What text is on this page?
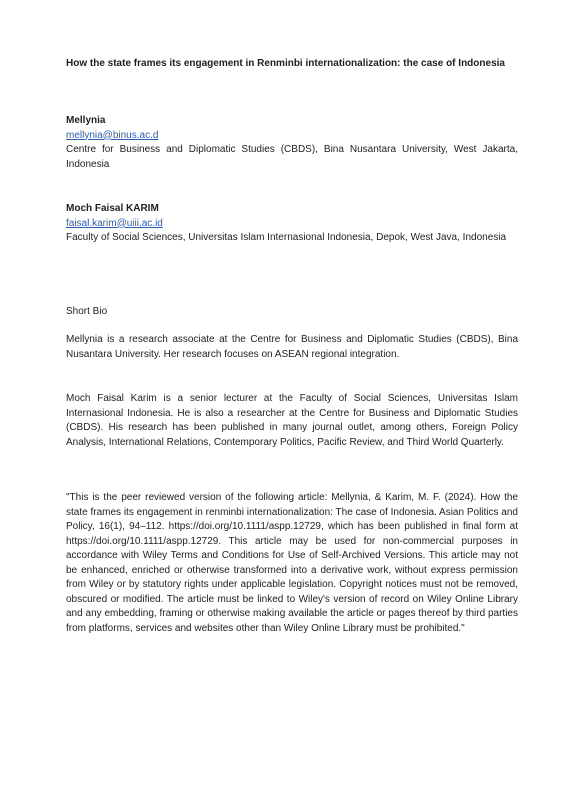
How the state frames its engagement in Renminbi internationalization: the case of Indonesia
Mellynia
mellynia@binus.ac.d
Centre for Business and Diplomatic Studies (CBDS), Bina Nusantara University, West Jakarta, Indonesia
Moch Faisal KARIM
faisal.karim@uiii.ac.id
Faculty of Social Sciences, Universitas Islam Internasional Indonesia, Depok, West Java, Indonesia
Short Bio

Mellynia is a research associate at the Centre for Business and Diplomatic Studies (CBDS), Bina Nusantara University. Her research focuses on ASEAN regional integration.

Moch Faisal Karim is a senior lecturer at the Faculty of Social Sciences, Universitas Islam Internasional Indonesia. He is also a researcher at the Centre for Business and Diplomatic Studies (CBDS). His research has been published in many journal outlet, among others, Foreign Policy Analysis, International Relations, Contemporary Politics, Pacific Review, and Third World Quarterly.

"This is the peer reviewed version of the following article: Mellynia, & Karim, M. F. (2024). How the state frames its engagement in renminbi internationalization: The case of Indonesia. Asian Politics and Policy, 16(1), 94–112. https://doi.org/10.1111/aspp.12729, which has been published in final form at https://doi.org/10.1111/aspp.12729. This article may be used for non-commercial purposes in accordance with Wiley Terms and Conditions for Use of Self-Archived Versions. This article may not be enhanced, enriched or otherwise transformed into a derivative work, without express permission from Wiley or by statutory rights under applicable legislation. Copyright notices must not be removed, obscured or modified. The article must be linked to Wiley's version of record on Wiley Online Library and any embedding, framing or otherwise making available the article or pages thereof by third parties from platforms, services and websites other than Wiley Online Library must be prohibited."
